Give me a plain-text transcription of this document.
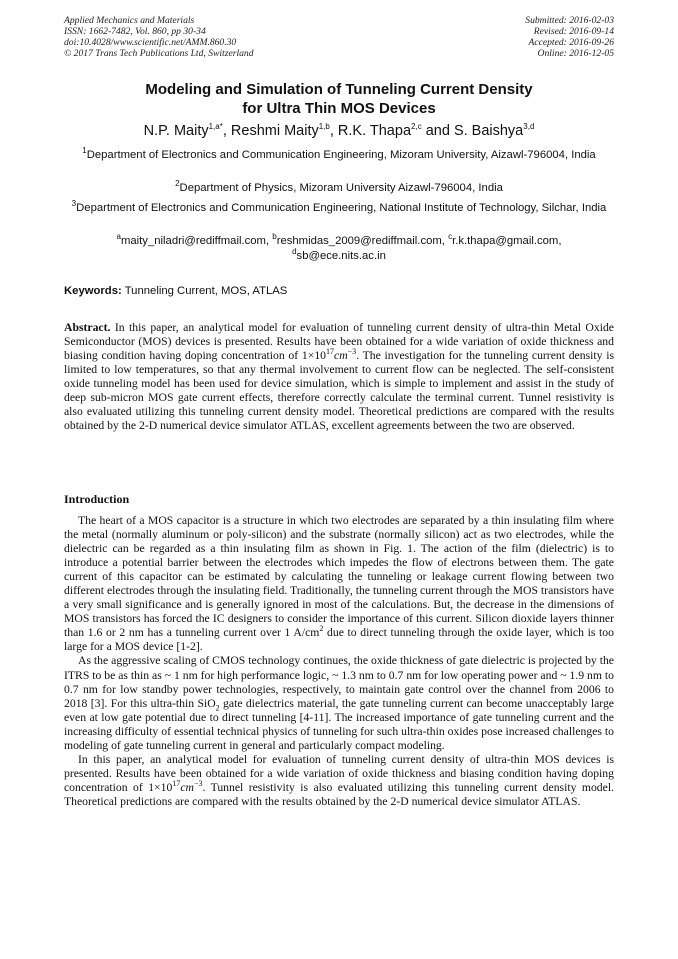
Applied Mechanics and Materials
ISSN: 1662-7482, Vol. 860, pp 30-34
doi:10.4028/www.scientific.net/AMM.860.30
© 2017 Trans Tech Publications Ltd, Switzerland
Submitted: 2016-02-03
Revised: 2016-09-14
Accepted: 2016-09-26
Online: 2016-12-05
Modeling and Simulation of Tunneling Current Density
for Ultra Thin MOS Devices
N.P. Maity$^{1,a*}$, Reshmi Maity$^{1,b}$, R.K. Thapa$^{2,c}$ and S. Baishya$^{3,d}$
$^1$Department of Electronics and Communication Engineering, Mizoram University, Aizawl-796004, India
$^2$Department of Physics, Mizoram University Aizawl-796004, India
$^3$Department of Electronics and Communication Engineering, National Institute of Technology, Silchar, India
$^a$maity_niladri@rediffmail.com, $^b$reshmidas_2009@rediffmail.com, $^c$r.k.thapa@gmail.com,
$^d$sb@ece.nits.ac.in
Keywords: Tunneling Current, MOS, ATLAS
Abstract. In this paper, an analytical model for evaluation of tunneling current density of ultra-thin Metal Oxide Semiconductor (MOS) devices is presented. Results have been obtained for a wide variation of oxide thickness and biasing condition having doping concentration of $1\times 10^{17}cm^{-3}$. The investigation for the tunneling current density is limited to low temperatures, so that any thermal involvement to current flow can be neglected. The self-consistent oxide tunneling model has been used for device simulation, which is simple to implement and assist in the study of deep sub-micron MOS gate current effects, therefore correctly calculate the terminal current. Tunnel resistivity is also evaluated utilizing this tunneling current density model. Theoretical predictions are compared with the results obtained by the 2-D numerical device simulator ATLAS, excellent agreements between the two are observed.
Introduction

The heart of a MOS capacitor is a structure in which two electrodes are separated by a thin insulating film where the metal (normally aluminum or poly-silicon) and the substrate (normally silicon) act as two electrodes, while the dielectric can be regarded as a thin insulating film as shown in Fig. 1. The action of the film (dielectric) is to introduce a potential barrier between the electrodes which impedes the flow of electrons between them. The gate current of this capacitor can be estimated by calculating the tunneling or leakage current flowing between two different electrodes through the insulating field. Traditionally, the tunneling current through the MOS transistors have a very small significance and is generally ignored in most of the calculations. But, the decrease in the dimensions of MOS transistors has forced the IC designers to consider the importance of this current. Silicon dioxide layers thinner than 1.6 or 2 nm has a tunneling current over 1 $A/cm^2$ due to direct tunneling through the oxide layer, which is too large for a MOS device [1-2].

As the aggressive scaling of CMOS technology continues, the oxide thickness of gate dielectric is projected by the ITRS to be as thin as ~ 1 nm for high performance logic, ~ 1.3 nm to 0.7 nm for low operating power and ~ 1.9 nm to 0.7 nm for low standby power technologies, respectively, to maintain gate control over the channel from 2006 to 2018 [3]. For this ultra-thin SiO$_2$ gate dielectrics material, the gate tunneling current can become unacceptably large even at low gate potential due to direct tunneling [4-11]. The increased importance of gate tunneling current and the increasing difficulty of essential technical physics of tunneling for such ultra-thin oxides pose increased challenges to modeling of gate tunneling current in general and particularly compact modeling.

In this paper, an analytical model for evaluation of tunneling current density of ultra-thin MOS devices is presented. Results have been obtained for a wide variation of oxide thickness and biasing condition having doping concentration of $1\times 10^{17}cm^{-3}$. Tunnel resistivity is also evaluated utilizing this tunneling current density model. Theoretical predictions are compared with the results obtained by the 2-D numerical device simulator ATLAS.
